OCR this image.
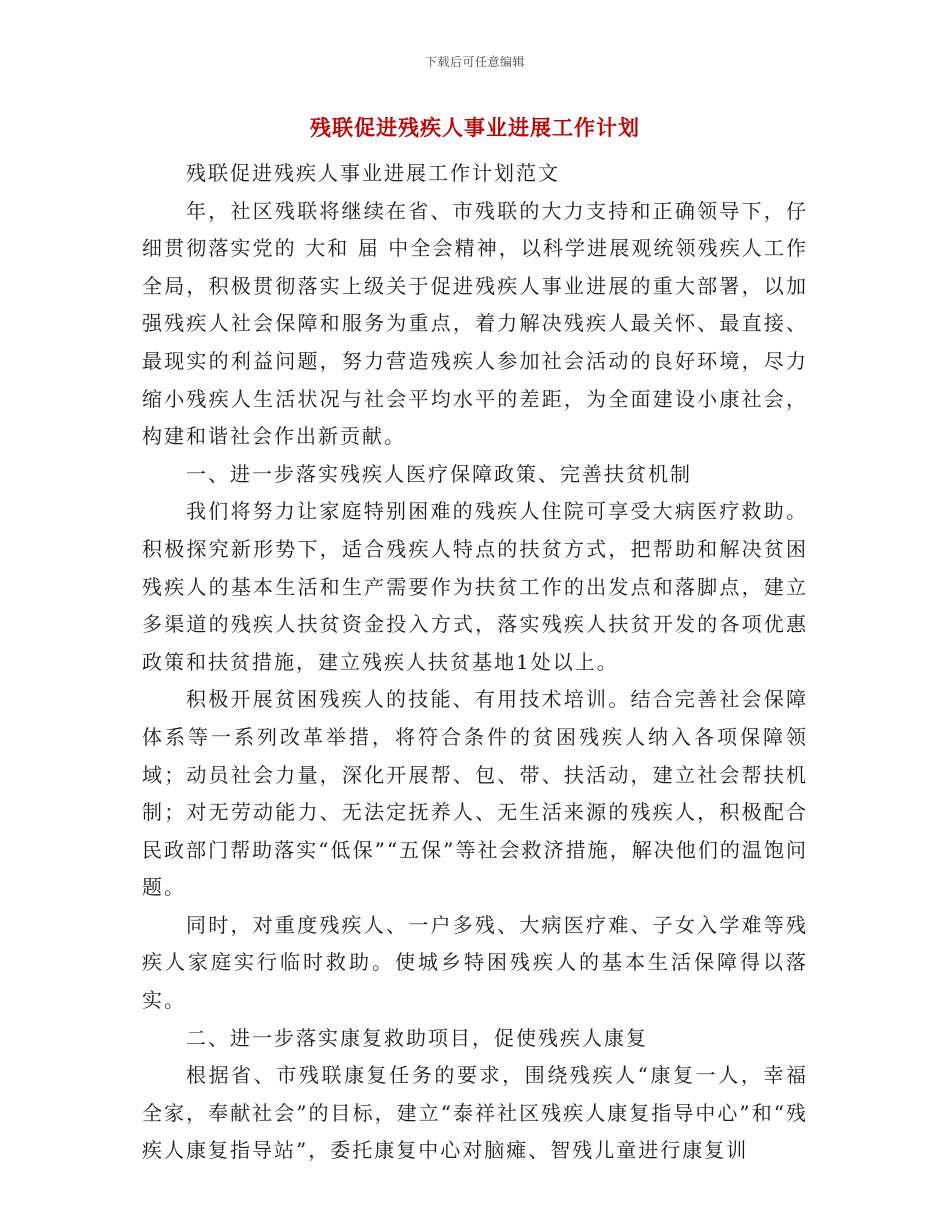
下载后可任意编辑
残联促进残疾人事业进展工作计划

残联促进残疾人事业进展工作计划范文

年，社区残联将继续在省、市残联的大力支持和正确领导下，仔细贯彻落实党的 大和 届 中全会精神，以科学进展观统领残疾人工作全局，积极贯彻落实上级关于促进残疾人事业进展的重大部署，以加强残疾人社会保障和服务为重点，着力解决残疾人最关怀、最直接、最现实的利益问题，努力营造残疾人参加社会活动的良好环境，尽力缩小残疾人生活状况与社会平均水平的差距，为全面建设小康社会，构建和谐社会作出新贡献。

一、进一步落实残疾人医疗保障政策、完善扶贫机制

我们将努力让家庭特别困难的残疾人住院可享受大病医疗救助。积极探究新形势下，适合残疾人特点的扶贫方式，把帮助和解决贫困残疾人的基本生活和生产需要作为扶贫工作的出发点和落脚点，建立多渠道的残疾人扶贫资金投入方式，落实残疾人扶贫开发的各项优惠政策和扶贫措施，建立残疾人扶贫基地1处以上。

积极开展贫困残疾人的技能、有用技术培训。结合完善社会保障体系等一系列改革举措，将符合条件的贫困残疾人纳入各项保障领域；动员社会力量，深化开展帮、包、带、扶活动，建立社会帮扶机制；对无劳动能力、无法定抚养人、无生活来源的残疾人，积极配合民政部门帮助落实“低保”“五保”等社会救济措施，解决他们的温饱问题。

同时，对重度残疾人、一户多残、大病医疗难、子女入学难等残疾人家庭实行临时救助。使城乡特困残疾人的基本生活保障得以落实。

二、进一步落实康复救助项目，促使残疾人康复

根据省、市残联康复任务的要求，围绕残疾人“康复一人，幸福全家，奉献社会”的目标，建立“泰祥社区残疾人康复指导中心”和“残疾人康复指导站”，委托康复中心对脑瘫、智残儿童进行康复训
